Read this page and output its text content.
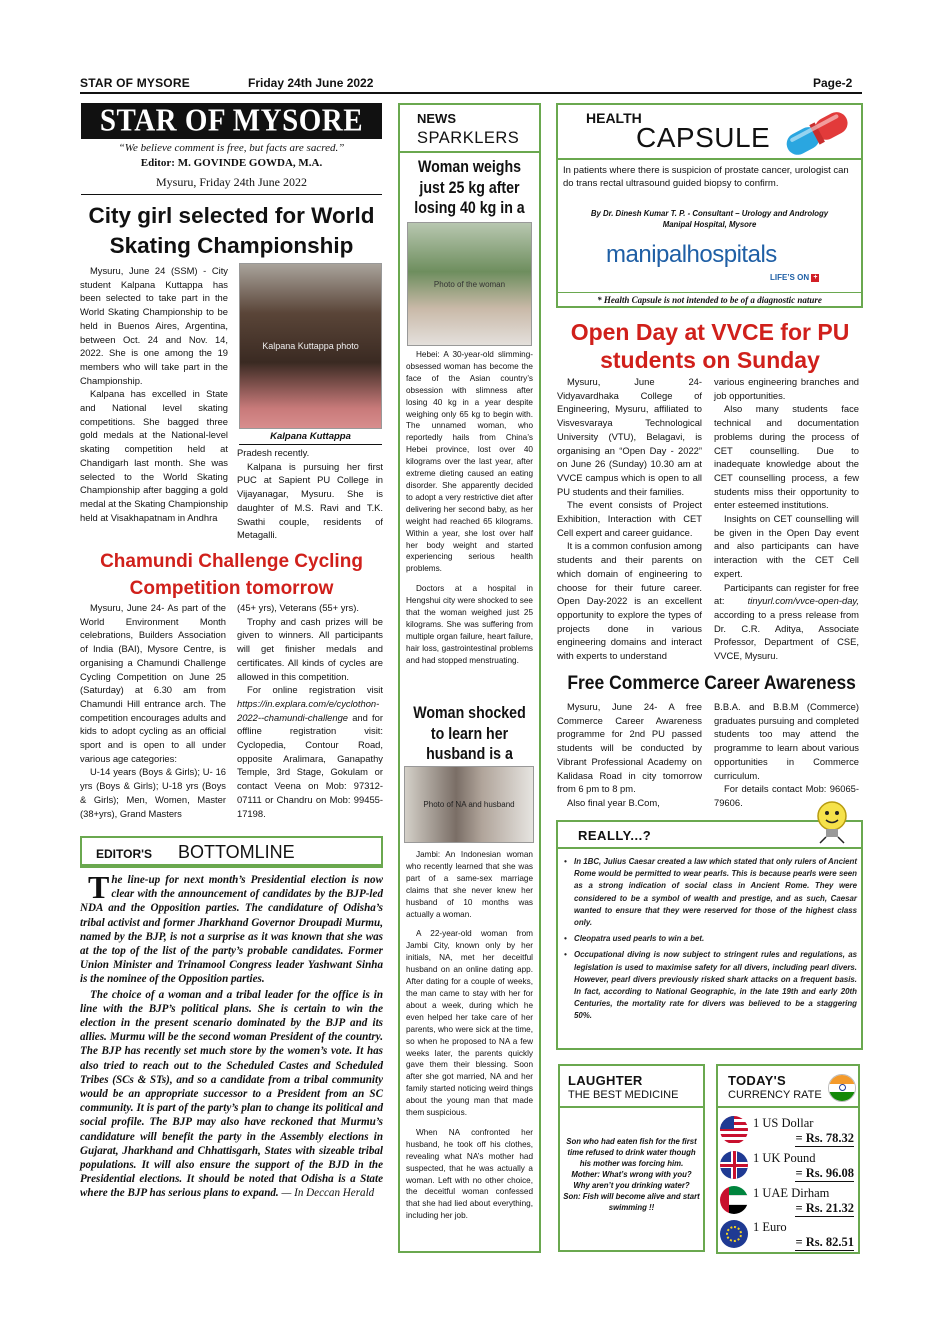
STAR OF MYSORE	Friday 24th June 2022	Page-2
STAR OF MYSORE
“We believe comment is free, but facts are sacred.”
Editor: M. GOVINDE GOWDA, M.A.
Mysuru, Friday 24th June 2022
City girl selected for World Skating Championship

Mysuru, June 24 (SSM) - City student Kalpana Kuttappa has been selected to take part in the World Skating Championship to be held in Buenos Aires, Argentina, between Oct. 24 and Nov. 14, 2022. She is one among the 19 members who will take part in the Championship.

Kalpana has excelled in State and National level skating competitions. She bagged three gold medals at the National-level skating competition held at Chandigarh last month. She was selected to the World Skating Championship after bagging a gold medal at the Skating Championship held at Visakhapatnam in Andhra

Kalpana Kuttappa photo
Kalpana Kuttappa

Pradesh recently.

Kalpana is pursuing her first PUC at Sapient PU College in Vijayanagar, Mysuru. She is daughter of M.S. Ravi and T.K. Swathi couple, residents of Metagalli.

Chamundi Challenge Cycling Competition tomorrow

Mysuru, June 24- As part of the World Environment Month celebrations, Builders Association of India (BAI), Mysore Centre, is organising a Chamundi Challenge Cycling Competition on June 25 (Saturday) at 6.30 am from Chamundi Hill entrance arch. The competition encourages adults and kids to adopt cycling as an official sport and is open to all under various age categories:

U-14 years (Boys & Girls); U- 16 yrs (Boys & Girls); U-18 yrs (Boys & Girls); Men, Women, Master (38+yrs), Grand Masters

(45+ yrs), Veterans (55+ yrs).

Trophy and cash prizes will be given to winners. All participants will get finisher medals and certificates. All kinds of cycles are allowed in this competition.

For online registration visit https://in.explara.com/e/cyclothon-2022--chamundi-challenge and for offline registration visit: Cyclopedia, Contour Road, opposite Aralimara, Ganapathy Temple, 3rd Stage, Gokulam or contact Veena on Mob: 97312-07111 or Chandru on Mob: 99455-17198.

EDITOR'S BOTTOMLINE

The line-up for next month’s Presidential election is now clear with the announcement of candidates by the BJP-led NDA and the Opposition parties. The candidature of Odisha’s tribal activist and former Jharkhand Governor Droupadi Murmu, named by the BJP, is not a surprise as it was known that she was at the top of the list of the party’s probable candidates. Former Union Minister and Trinamool Congress leader Yashwant Sinha is the nominee of the Opposition parties.

The choice of a woman and a tribal leader for the office is in line with the BJP’s political plans. She is certain to win the election in the present scenario dominated by the BJP and its allies. Murmu will be the second woman President of the country. The BJP has recently set much store by the women’s vote. It has also tried to reach out to the Scheduled Castes and Scheduled Tribes (SCs & STs), and so a candidate from a tribal community would be an appropriate successor to a President from an SC community. It is part of the party’s plan to change its political and social profile. The BJP may also have reckoned that Murmu’s candidature will benefit the party in the Assembly elections in Gujarat, Jharkhand and Chhattisgarh, States with sizeable tribal populations. It will also ensure the support of the BJD in the Presidential elections. It should be noted that Odisha is a State where the BJP has serious plans to expand. — In Deccan Herald

NEWS
SPARKLERS
Woman weighs just 25 kg after losing 40 kg in a
Photo of the woman

Hebei: A 30-year-old slimming-obsessed woman has become the face of the Asian country’s obsession with slimness after losing 40 kg in a year despite weighing only 65 kg to begin with. The unnamed woman, who reportedly hails from China’s Hebei province, lost over 40 kilograms over the last year, after extreme dieting caused an eating disorder. She apparently decided to adopt a very restrictive diet after delivering her second baby, as her weight had reached 65 kilograms. Within a year, she lost over half her body weight and started experiencing serious health problems.

Doctors at a hospital in Hengshui city were shocked to see that the woman weighed just 25 kilograms. She was suffering from multiple organ failure, heart failure, hair loss, gastrointestinal problems and had stopped menstruating.

Woman shocked to learn her husband is a
Photo of NA and husband

Jambi: An Indonesian woman who recently learned that she was part of a same-sex marriage claims that she never knew her husband of 10 months was actually a woman.

A 22-year-old woman from Jambi City, known only by her initials, NA, met her deceitful husband on an online dating app. After dating for a couple of weeks, the man came to stay with her for about a week, during which he even helped her take care of her parents, who were sick at the time, so when he proposed to NA a few weeks later, the parents quickly gave them their blessing. Soon after she got married, NA and her family started noticing weird things about the young man that made them suspicious.

When NA confronted her husband, he took off his clothes, revealing what NA’s mother had suspected, that he was actually a woman. Left with no other choice, the deceitful woman confessed that she had lied about everything, including her job.

HEALTH
CAPSULE
In patients where there is suspicion of prostate cancer, urologist can do trans rectal ultrasound guided biopsy to confirm.
By Dr. Dinesh Kumar T. P. - Consultant – Urology and Andrology
Manipal Hospital, Mysore
manipalhospitals
LIFE’S ON +
* Health Capsule is not intended to be of a diagnostic nature
Open Day at VVCE for PU students on Sunday

Mysuru, June 24- Vidyavardhaka College of Engineering, Mysuru, affiliated to Visvesvaraya Technological University (VTU), Belagavi, is organising an “Open Day - 2022” on June 26 (Sunday) 10.30 am at VVCE campus which is open to all PU students and their families.

The event consists of Project Exhibition, Interaction with CET Cell expert and career guidance.

It is a common confusion among students and their parents on which domain of engineering to choose for their future career. Open Day-2022 is an excellent opportunity to explore the types of projects done in various engineering domains and interact with experts to understand

various engineering branches and job opportunities.

Also many students face technical and documentation problems during the process of CET counselling. Due to inadequate knowledge about the CET counselling process, a few students miss their opportunity to enter esteemed institutions.

Insights on CET counselling will be given in the Open Day event and also participants can have interaction with the CET Cell expert.

Participants can register for free at: tinyurl.com/vvce-open-day, according to a press release from Dr. C.R. Aditya, Associate Professor, Department of CSE, VVCE, Mysuru.

Free Commerce Career Awareness

Mysuru, June 24- A free Commerce Career Awareness programme for 2nd PU passed students will be conducted by Vibrant Professional Academy on Kalidasa Road in city tomorrow from 6 pm to 8 pm.

Also final year B.Com,

B.B.A. and B.B.M (Commerce) graduates pursuing and completed students too may attend the programme to learn about various opportunities in Commerce curriculum.

For details contact Mob: 96065-79606.

REALLY...?
• In 1BC, Julius Caesar created a law which stated that only rulers of Ancient Rome would be permitted to wear pearls. This is because pearls were seen as a strong indication of social class in Ancient Rome. They were considered to be a symbol of wealth and prestige, and as such, Caesar wanted to ensure that they were reserved for those of the highest class only.
• Cleopatra used pearls to win a bet.
• Occupational diving is now subject to stringent rules and regulations, as legislation is used to maximise safety for all divers, including pearl divers. However, pearl divers previously risked shark attacks on a frequent basis. In fact, according to National Geographic, in the late 19th and early 20th Centuries, the mortality rate for divers was believed to be a staggering 50%.
LAUGHTER
THE BEST MEDICINE
Son who had eaten fish for the first time refused to drink water though his mother was forcing him.
Mother: What’s wrong with you? Why aren’t you drinking water?
Son: Fish will become alive and start swimming !!
TODAY'S
CURRENCY RATE
1 US Dollar
= Rs. 78.32
1 UK Pound
= Rs. 96.08
1 UAE Dirham
= Rs. 21.32
1 Euro
= Rs. 82.51
